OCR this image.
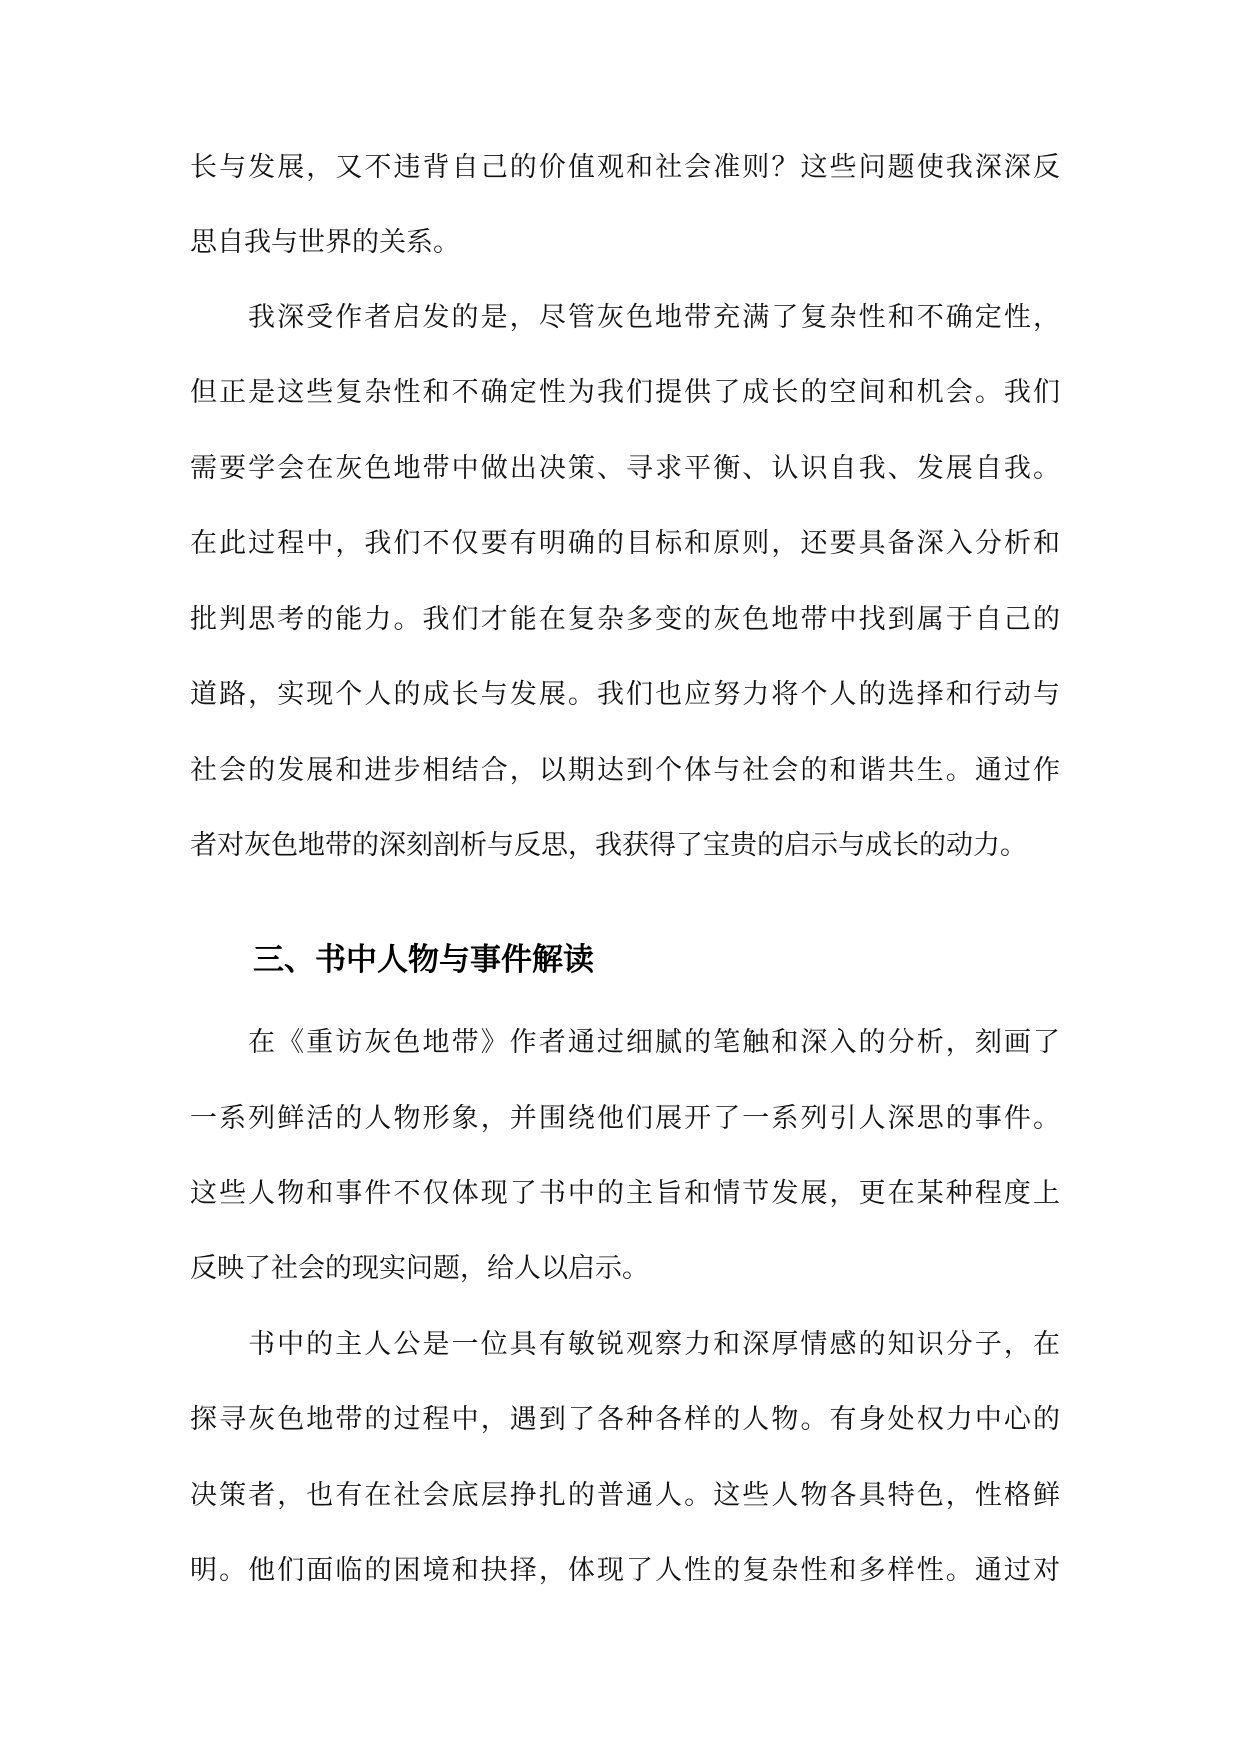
长与发展，又不违背自己的价值观和社会准则？这些问题使我深深反
思自我与世界的关系。
我深受作者启发的是，尽管灰色地带充满了复杂性和不确定性，
但正是这些复杂性和不确定性为我们提供了成长的空间和机会。我们
需要学会在灰色地带中做出决策、寻求平衡、认识自我、发展自我。
在此过程中，我们不仅要有明确的目标和原则，还要具备深入分析和
批判思考的能力。我们才能在复杂多变的灰色地带中找到属于自己的
道路，实现个人的成长与发展。我们也应努力将个人的选择和行动与
社会的发展和进步相结合，以期达到个体与社会的和谐共生。通过作
者对灰色地带的深刻剖析与反思，我获得了宝贵的启示与成长的动力。
三、书中人物与事件解读
在《重访灰色地带》作者通过细腻的笔触和深入的分析，刻画了
一系列鲜活的人物形象，并围绕他们展开了一系列引人深思的事件。
这些人物和事件不仅体现了书中的主旨和情节发展，更在某种程度上
反映了社会的现实问题，给人以启示。
书中的主人公是一位具有敏锐观察力和深厚情感的知识分子，在
探寻灰色地带的过程中，遇到了各种各样的人物。有身处权力中心的
决策者，也有在社会底层挣扎的普通人。这些人物各具特色，性格鲜
明。他们面临的困境和抉择，体现了人性的复杂性和多样性。通过对
